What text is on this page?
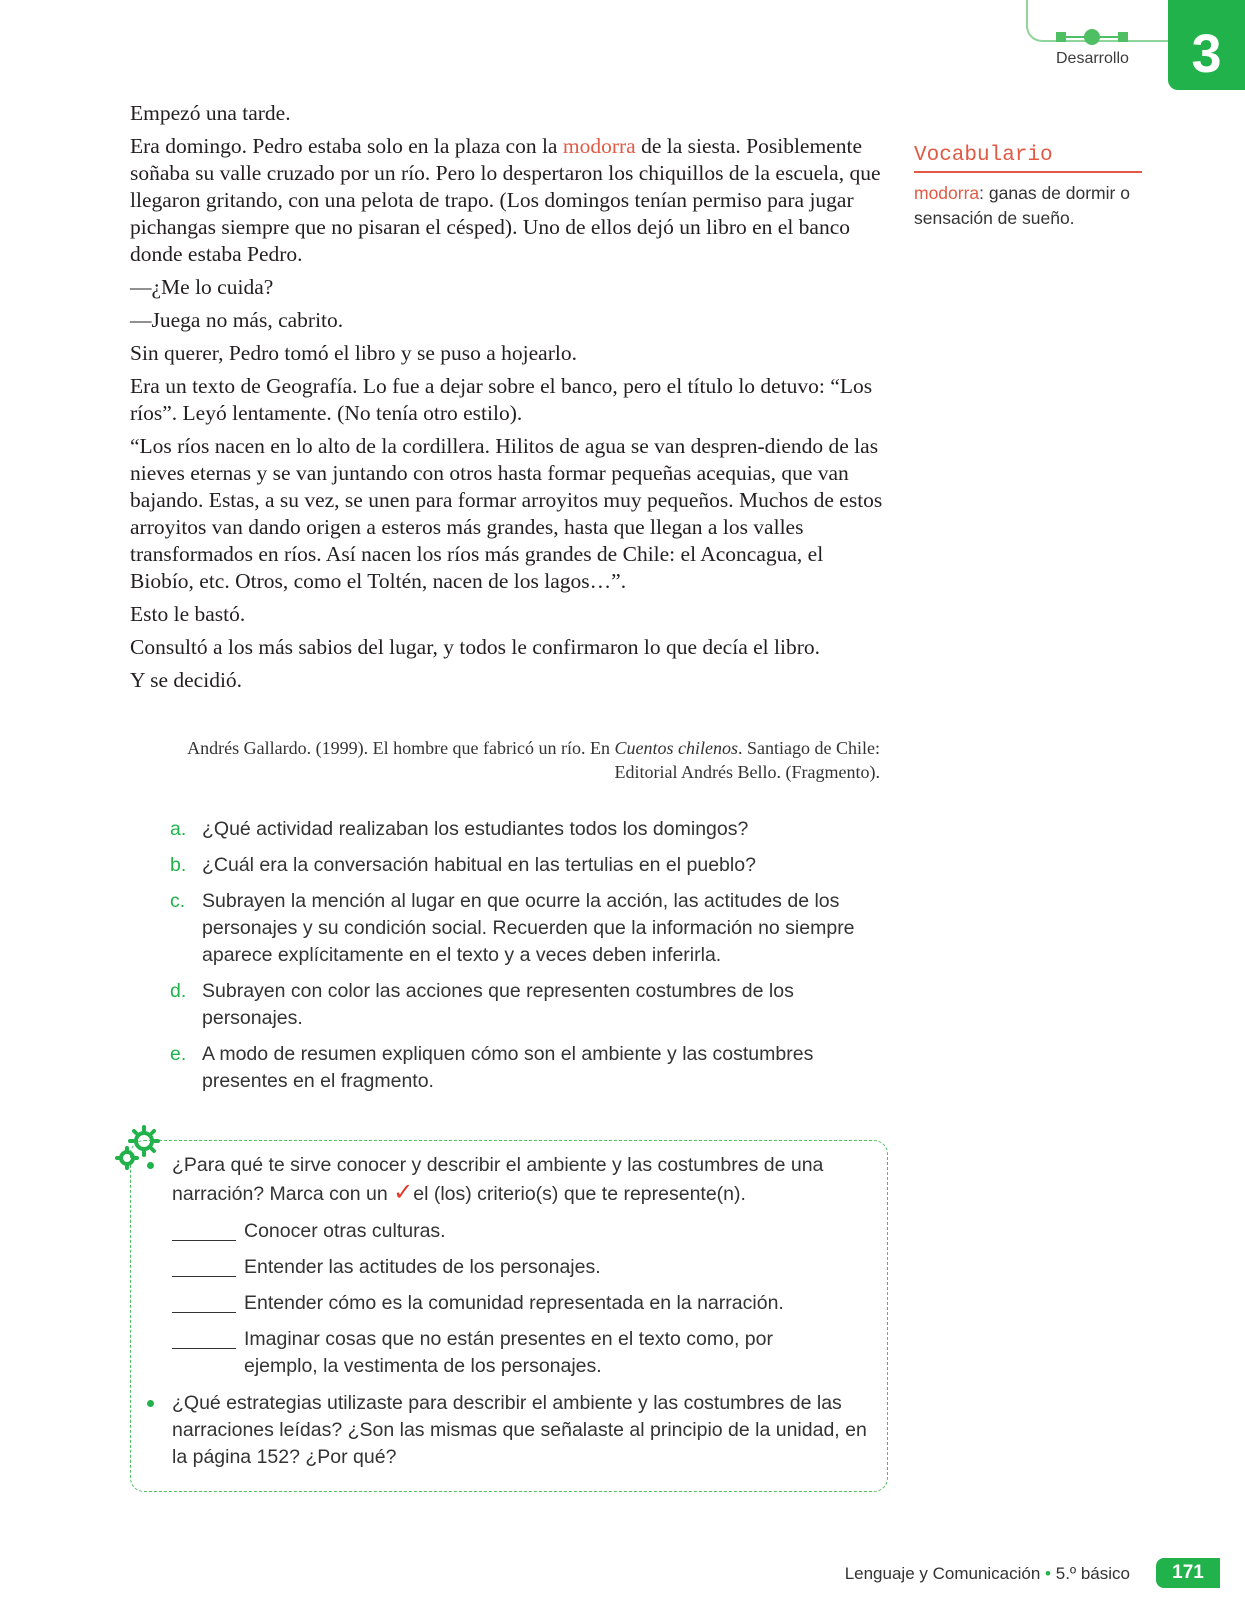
Desarrollo	3

Empezó una tarde.

Era domingo. Pedro estaba solo en la plaza con la modorra de la siesta. Posiblemente soñaba su valle cruzado por un río. Pero lo despertaron los chiquillos de la escuela, que llegaron gritando, con una pelota de trapo. (Los domingos tenían permiso para jugar pichangas siempre que no pisaran el césped). Uno de ellos dejó un libro en el banco donde estaba Pedro.

—¿Me lo cuida?

—Juega no más, cabrito.

Sin querer, Pedro tomó el libro y se puso a hojearlo.

Era un texto de Geografía. Lo fue a dejar sobre el banco, pero el título lo detuvo: “Los ríos”. Leyó lentamente. (No tenía otro estilo).

“Los ríos nacen en lo alto de la cordillera. Hilitos de agua se van despren-diendo de las nieves eternas y se van juntando con otros hasta formar pequeñas acequias, que van bajando. Estas, a su vez, se unen para formar arroyitos muy pequeños. Muchos de estos arroyitos van dando origen a esteros más grandes, hasta que llegan a los valles transformados en ríos. Así nacen los ríos más grandes de Chile: el Aconcagua, el Biobío, etc. Otros, como el Toltén, nacen de los lagos…”.

Esto le bastó.

Consultó a los más sabios del lugar, y todos le confirmaron lo que decía el libro.

Y se decidió.

Andrés Gallardo. (1999). El hombre que fabricó un río. En Cuentos chilenos. Santiago de Chile: Editorial Andrés Bello. (Fragmento).
Vocabulario
modorra: ganas de dormir o sensación de sueño.
a. ¿Qué actividad realizaban los estudiantes todos los domingos?
b. ¿Cuál era la conversación habitual en las tertulias en el pueblo?
c. Subrayen la mención al lugar en que ocurre la acción, las actitudes de los personajes y su condición social. Recuerden que la información no siempre aparece explícitamente en el texto y a veces deben inferirla.
d. Subrayen con color las acciones que representen costumbres de los personajes.
e. A modo de resumen expliquen cómo son el ambiente y las costumbres presentes en el fragmento.
¿Para qué te sirve conocer y describir el ambiente y las costumbres de una narración? Marca con un ✓el (los) criterio(s) que te represente(n).
Conocer otras culturas.
Entender las actitudes de los personajes.
Entender cómo es la comunidad representada en la narración.
Imaginar cosas que no están presentes en el texto como, por ejemplo, la vestimenta de los personajes.
¿Qué estrategias utilizaste para describir el ambiente y las costumbres de las narraciones leídas? ¿Son las mismas que señalaste al principio de la unidad, en la página 152? ¿Por qué?
Lenguaje y Comunicación • 5.º básico	171
